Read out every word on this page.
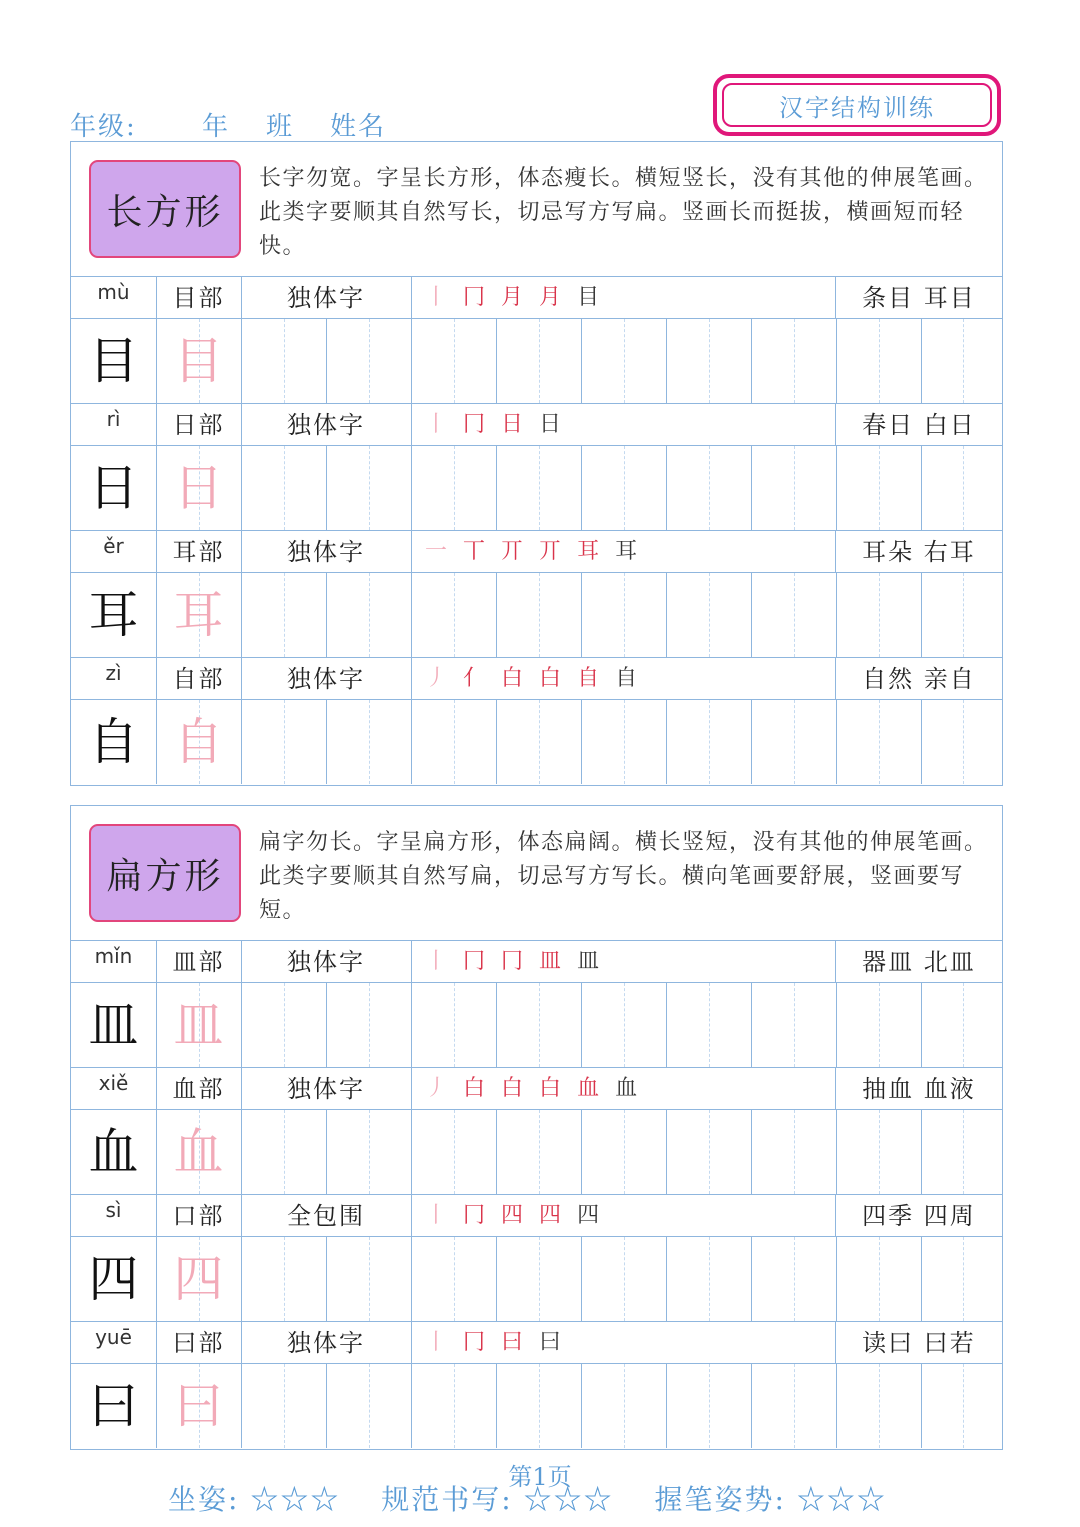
年级:	年 班 姓名
汉字结构训练
长方形
长字勿宽。字呈长方形，体态瘦长。横短竖长，没有其他的伸展笔画。此类字要顺其自然写长，切忌写方写扁。竖画长而挺拔，横画短而轻快。
mù	目部	独体字	丨 冂 月 月 目	条目 耳目
目 目
rì	日部	独体字	丨 冂 日 日	春日 白日
日 日
ěr	耳部	独体字	一 丅 丌 丌 耳 耳	耳朵 右耳
耳 耳
zì	自部	独体字	丿 亻 白 白 自 自	自然 亲自
自 自
扁方形
扁字勿长。字呈扁方形，体态扁阔。横长竖短，没有其他的伸展笔画。此类字要顺其自然写扁，切忌写方写长。横向笔画要舒展，竖画要写短。
mǐn	皿部	独体字	丨 冂 冂 皿 皿	器皿 北皿
皿 皿
xiě	血部	独体字	丿 白 白 白 血 血	抽血 血液
血 血
sì	口部	全包围	丨 冂 四 四 四	四季 四周
四 四
yuē	曰部	独体字	丨 冂 曰 曰	读曰 曰若
曰 曰
第1页
坐姿: ☆☆☆ 规范书写: ☆☆☆ 握笔姿势: ☆☆☆
